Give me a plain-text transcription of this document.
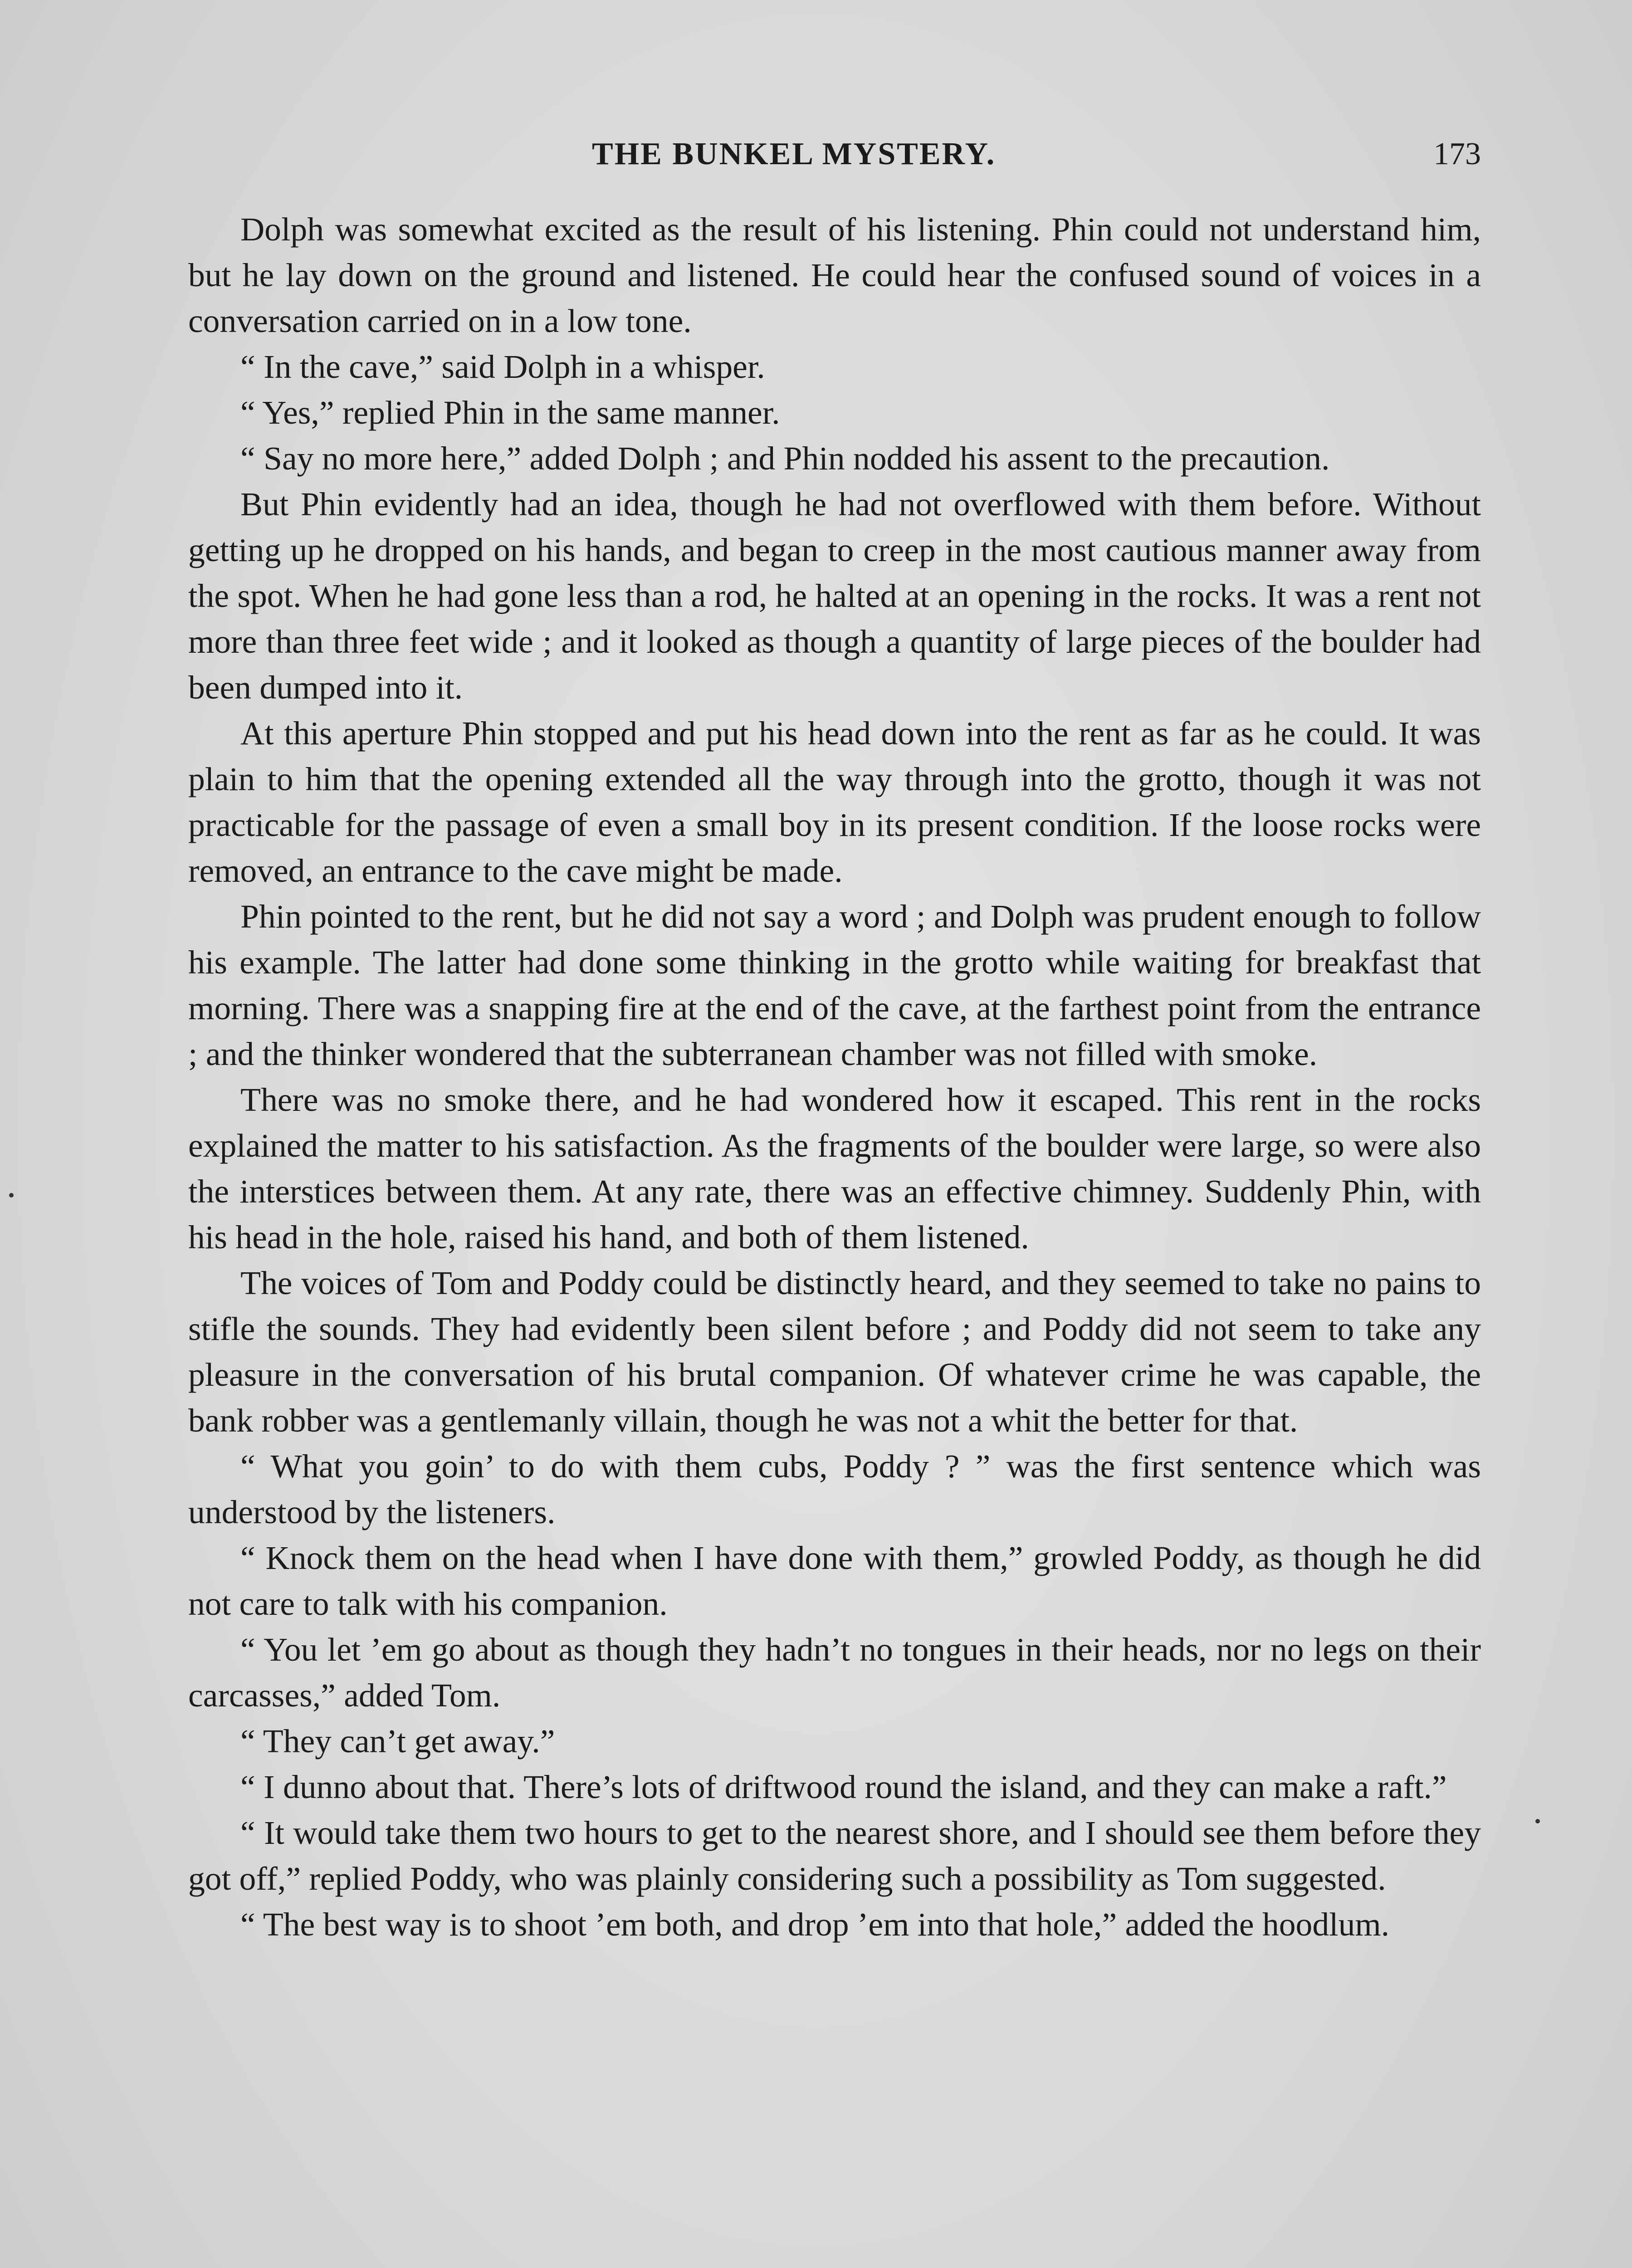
THE BUNKEL MYSTERY.	173

Dolph was somewhat excited as the result of his listening. Phin could not understand him, but he lay down on the ground and listened. He could hear the confused sound of voices in a conversation carried on in a low tone.

“ In the cave,” said Dolph in a whisper.

“ Yes,” replied Phin in the same manner.

“ Say no more here,” added Dolph ; and Phin nodded his assent to the precaution.

But Phin evidently had an idea, though he had not overflowed with them before. Without getting up he dropped on his hands, and began to creep in the most cautious manner away from the spot. When he had gone less than a rod, he halted at an opening in the rocks. It was a rent not more than three feet wide ; and it looked as though a quantity of large pieces of the boulder had been dumped into it.

At this aperture Phin stopped and put his head down into the rent as far as he could. It was plain to him that the opening extended all the way through into the grotto, though it was not practicable for the passage of even a small boy in its present condition. If the loose rocks were removed, an entrance to the cave might be made.

Phin pointed to the rent, but he did not say a word ; and Dolph was prudent enough to follow his example. The latter had done some thinking in the grotto while waiting for breakfast that morning. There was a snapping fire at the end of the cave, at the farthest point from the entrance ; and the thinker wondered that the subterranean chamber was not filled with smoke.

There was no smoke there, and he had wondered how it escaped. This rent in the rocks explained the matter to his satisfaction. As the fragments of the boulder were large, so were also the interstices between them. At any rate, there was an effective chimney. Suddenly Phin, with his head in the hole, raised his hand, and both of them listened.

The voices of Tom and Poddy could be distinctly heard, and they seemed to take no pains to stifle the sounds. They had evidently been silent before ; and Poddy did not seem to take any pleasure in the conversation of his brutal companion. Of whatever crime he was capable, the bank robber was a gentlemanly villain, though he was not a whit the better for that.

“ What you goin’ to do with them cubs, Poddy ? ” was the first sentence which was understood by the listeners.

“ Knock them on the head when I have done with them,” growled Poddy, as though he did not care to talk with his companion.

“ You let ’em go about as though they hadn’t no tongues in their heads, nor no legs on their carcasses,” added Tom.

“ They can’t get away.”

“ I dunno about that. There’s lots of driftwood round the island, and they can make a raft.”

“ It would take them two hours to get to the nearest shore, and I should see them before they got off,” replied Poddy, who was plainly considering such a possibility as Tom suggested.

“ The best way is to shoot ’em both, and drop ’em into that hole,” added the hoodlum.
